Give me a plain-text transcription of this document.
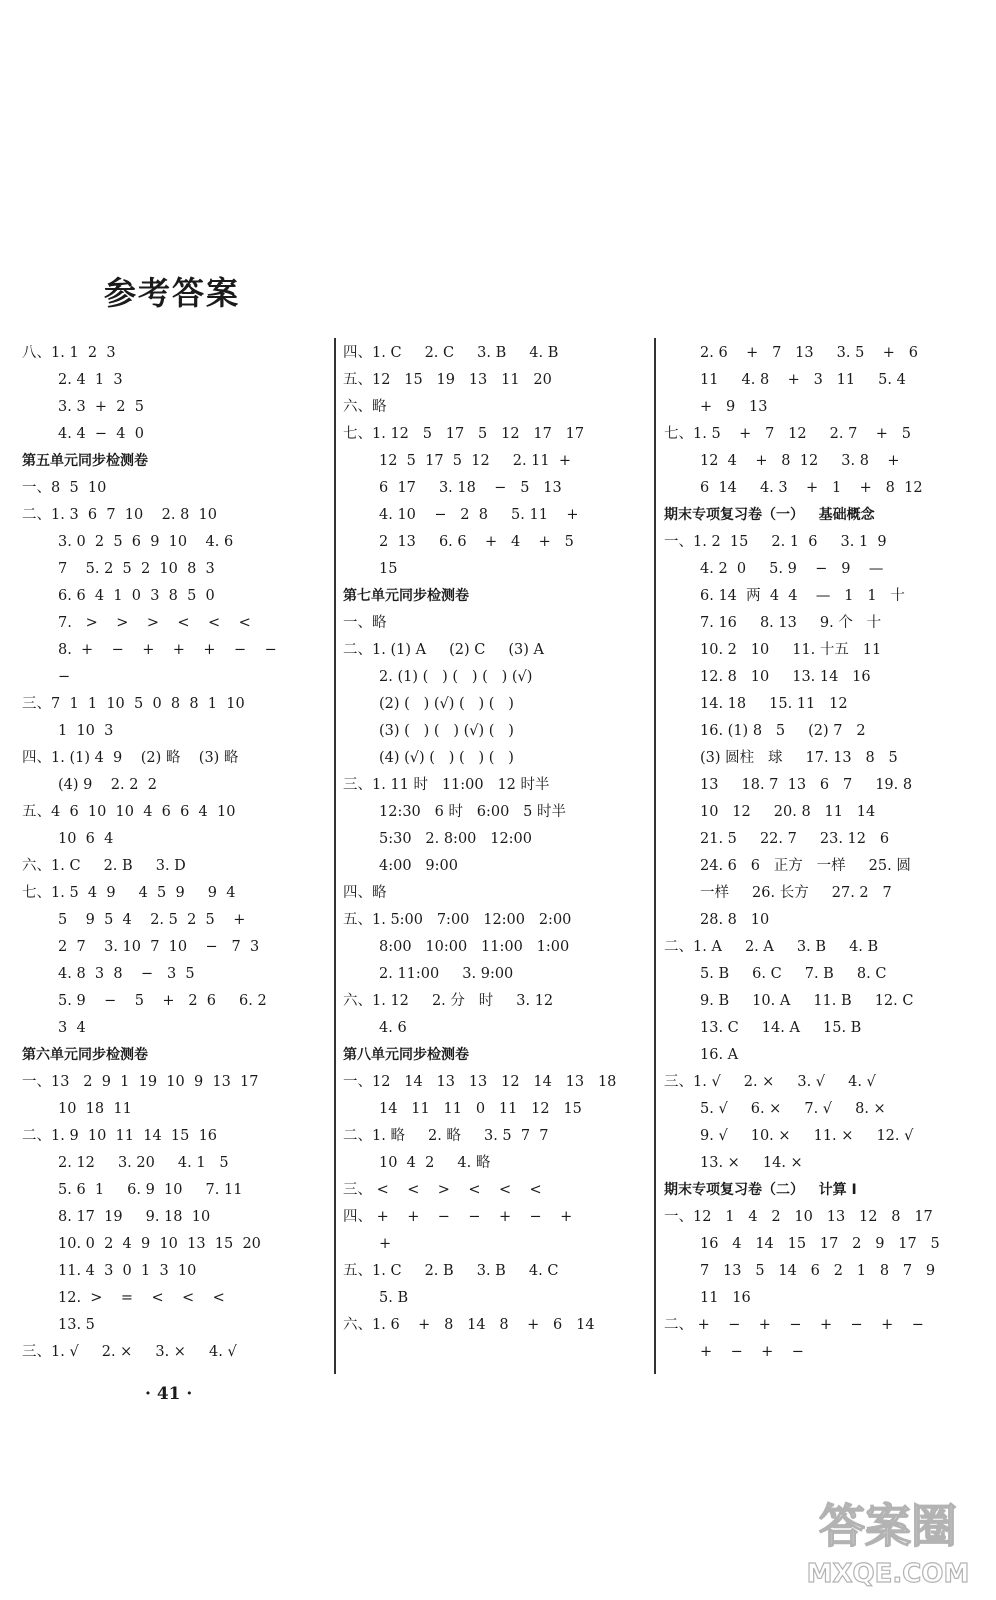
参考答案
八、1. 1  2  3
2. 4  1  3
3. 3  +  2  5
4. 4  −  4  0
第五单元同步检测卷
一、8  5  10
二、1. 3  6  7  10    2. 8  10
3. 0  2  5  6  9  10    4. 6
7    5. 2  5  2  10  8  3
6. 6  4  1  0  3  8  5  0
7.   >    >    >    <    <    <
8.  +    −    +    +    +    −    −
−
三、7  1  1  10  5  0  8  8  1  10
1  10  3
四、1. (1) 4  9    (2) 略    (3) 略
(4) 9    2. 2  2
五、4  6  10  10  4  6  6  4  10
10  6  4
六、1. C     2. B     3. D
七、1. 5  4  9     4  5  9     9  4
5    9  5  4    2. 5  2  5    +
2  7    3. 10  7  10    −   7  3
4. 8  3  8    −   3  5
5. 9    −    5    +   2  6     6. 2
3  4
第六单元同步检测卷
一、13   2  9  1  19  10  9  13  17
10  18  11
二、1. 9  10  11  14  15  16
2. 12     3. 20     4. 1   5
5. 6  1     6. 9  10     7. 11
8. 17  19     9. 18  10
10. 0  2  4  9  10  13  15  20
11. 4  3  0  1  3  10
12.  >    =    <    <    <
13. 5
三、1. √     2. ×     3. ×     4. √
四、1. C     2. C     3. B     4. B
五、12   15   19   13   11   20
六、略
七、1. 12   5   17   5   12   17   17
12  5  17  5  12     2. 11  +
6  17     3. 18    −   5   13
4. 10    −   2  8     5. 11    +
2  13     6. 6    +   4    +   5
15
第七单元同步检测卷
一、略
二、1. (1) A     (2) C     (3) A
2. (1) (   ) (   ) (   ) (√)
(2) (   ) (√) (   ) (   )
(3) (   ) (   ) (√) (   )
(4) (√) (   ) (   ) (   )
三、1. 11 时   11:00   12 时半
12:30   6 时   6:00   5 时半
5:30   2. 8:00   12:00
4:00   9:00
四、略
五、1. 5:00   7:00   12:00   2:00
8:00   10:00   11:00   1:00
2. 11:00     3. 9:00
六、1. 12     2. 分   时     3. 12
4. 6
第八单元同步检测卷
一、12   14   13   13   12   14   13   18
14   11   11   0   11   12   15
二、1. 略     2. 略     3. 5  7  7
10  4  2     4. 略
三、 <    <    >    <    <    <
四、 +    +    −    −    +    −    +
+
五、1. C     2. B     3. B     4. C
5. B
六、1. 6    +   8   14   8    +   6   14
2. 6    +   7   13     3. 5    +   6
11     4. 8    +   3   11     5. 4
+   9   13
七、1. 5    +   7   12     2. 7    +   5
12  4    +   8  12     3. 8    +
6  14     4. 3    +   1    +   8  12
期末专项复习卷（一）   基础概念
一、1. 2  15     2. 1  6     3. 1  9
4. 2  0     5. 9    −   9    —
6. 14  两  4  4    —   1   1   十
7. 16     8. 13     9. 个   十
10. 2   10     11. 十五   11
12. 8   10     13. 14   16
14. 18     15. 11   12
16. (1) 8   5     (2) 7   2
(3) 圆柱   球     17. 13   8   5
13     18. 7  13   6   7     19. 8
10   12     20. 8   11   14
21. 5     22. 7     23. 12   6
24. 6   6   正方   一样     25. 圆
一样     26. 长方     27. 2   7
28. 8   10
二、1. A     2. A     3. B     4. B
5. B     6. C     7. B     8. C
9. B     10. A     11. B     12. C
13. C     14. A     15. B
16. A
三、1. √     2. ×     3. √     4. √
5. √     6. ×     7. √     8. ×
9. √     10. ×     11. ×     12. √
13. ×     14. ×
期末专项复习卷（二）   计算 I
一、12   1   4   2   10   13   12   8   17
16   4   14   15   17   2   9   17   5
7   13   5   14   6   2   1   8   7   9
11   16
二、 +    −    +    −    +    −    +    −
+    −    +    −
· 41 ·
答案圈
MXQE.COM
